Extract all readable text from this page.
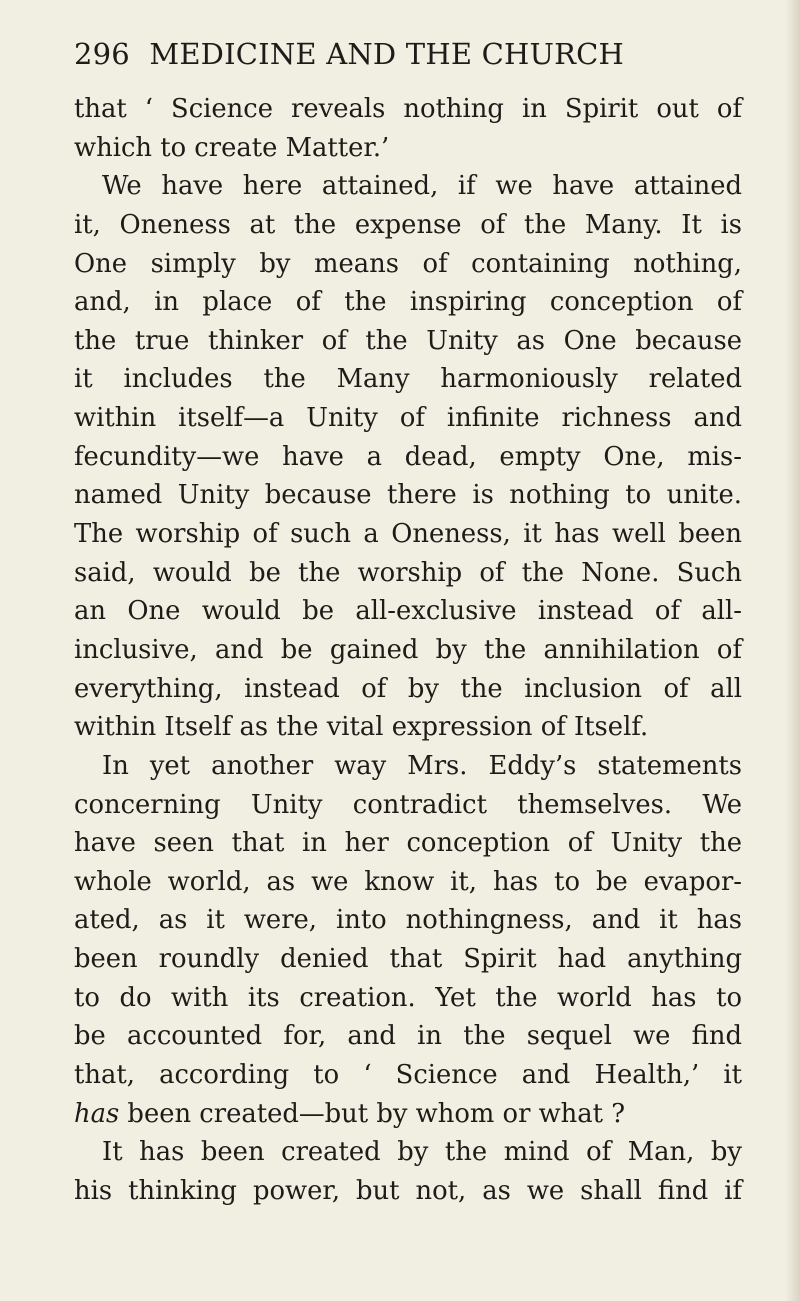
296 MEDICINE AND THE CHURCH
that ‘ Science reveals nothing in Spirit out of
which to create Matter.’
We have here attained, if we have attained
it, Oneness at the expense of the Many. It is
One simply by means of containing nothing,
and, in place of the inspiring conception of
the true thinker of the Unity as One because
it includes the Many harmoniously related
within itself—a Unity of infinite richness and
fecundity—we have a dead, empty One, mis-
named Unity because there is nothing to unite.
The worship of such a Oneness, it has well been
said, would be the worship of the None. Such
an One would be all-exclusive instead of all-
inclusive, and be gained by the annihilation of
everything, instead of by the inclusion of all
within Itself as the vital expression of Itself.
In yet another way Mrs. Eddy’s statements
concerning Unity contradict themselves. We
have seen that in her conception of Unity the
whole world, as we know it, has to be evapor-
ated, as it were, into nothingness, and it has
been roundly denied that Spirit had anything
to do with its creation. Yet the world has to
be accounted for, and in the sequel we find
that, according to ‘ Science and Health,’ it
has been created—but by whom or what ?
It has been created by the mind of Man, by
his thinking power, but not, as we shall find if
